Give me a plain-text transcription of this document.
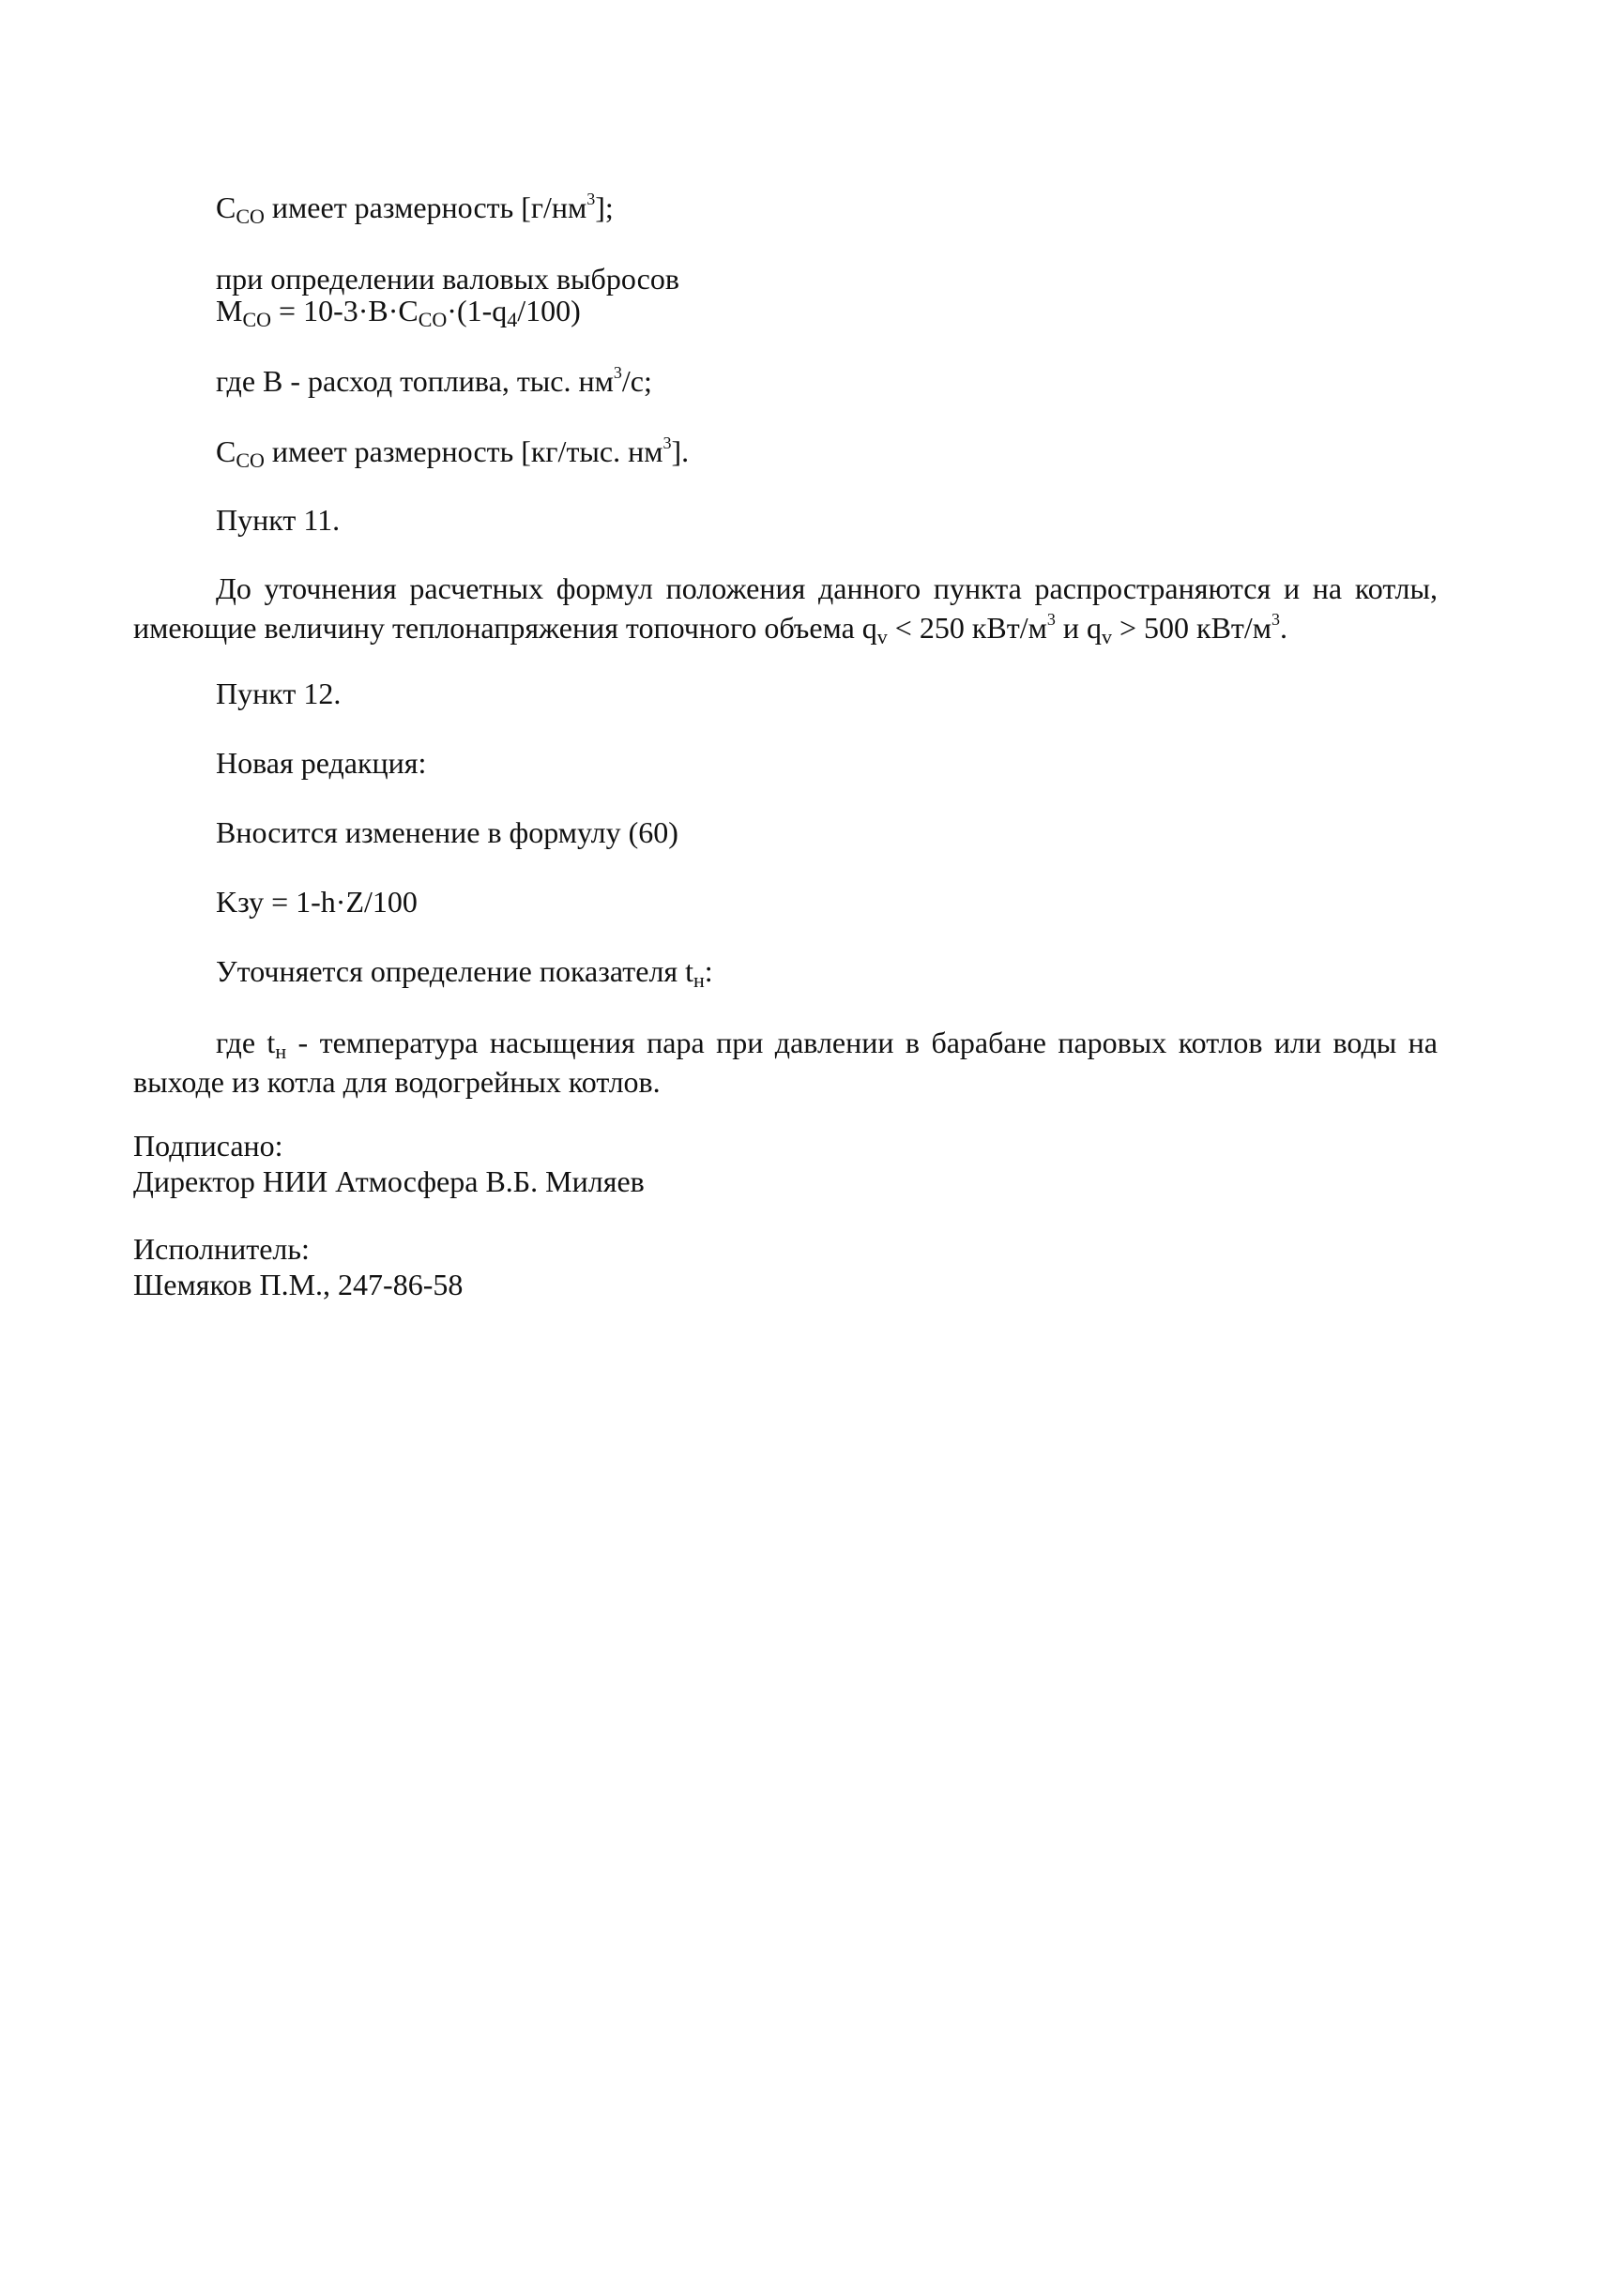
$C_{CO}$ имеет размерность $[г/нм^3]$;
при определении валовых выбросов
$M_{CO} = 10-3\cdot B\cdot C_{CO}\cdot(1-q_4/100)$
где В - расход топлива, тыс. $нм^3/с$;
$C_{CO}$ имеет размерность [кг/тыс. $нм^3$].
Пункт 11.
До уточнения расчетных формул положения данного пункта распространяются и на котлы, имеющие величину теплонапряжения топочного объема $q_v < 250$ кВт/$м^3$ и $q_v > 500$ кВт/$м^3$.
Пункт 12.
Новая редакция:
Вносится изменение в формулу (60)
Kзу = 1-h·Z/100
Уточняется определение показателя $t_н$:
где $t_н$ - температура насыщения пара при давлении в барабане паровых котлов или воды на выходе из котла для водогрейных котлов.
Подписано:
Директор НИИ Атмосфера В.Б. Миляев
Исполнитель:
Шемяков П.М., 247-86-58
